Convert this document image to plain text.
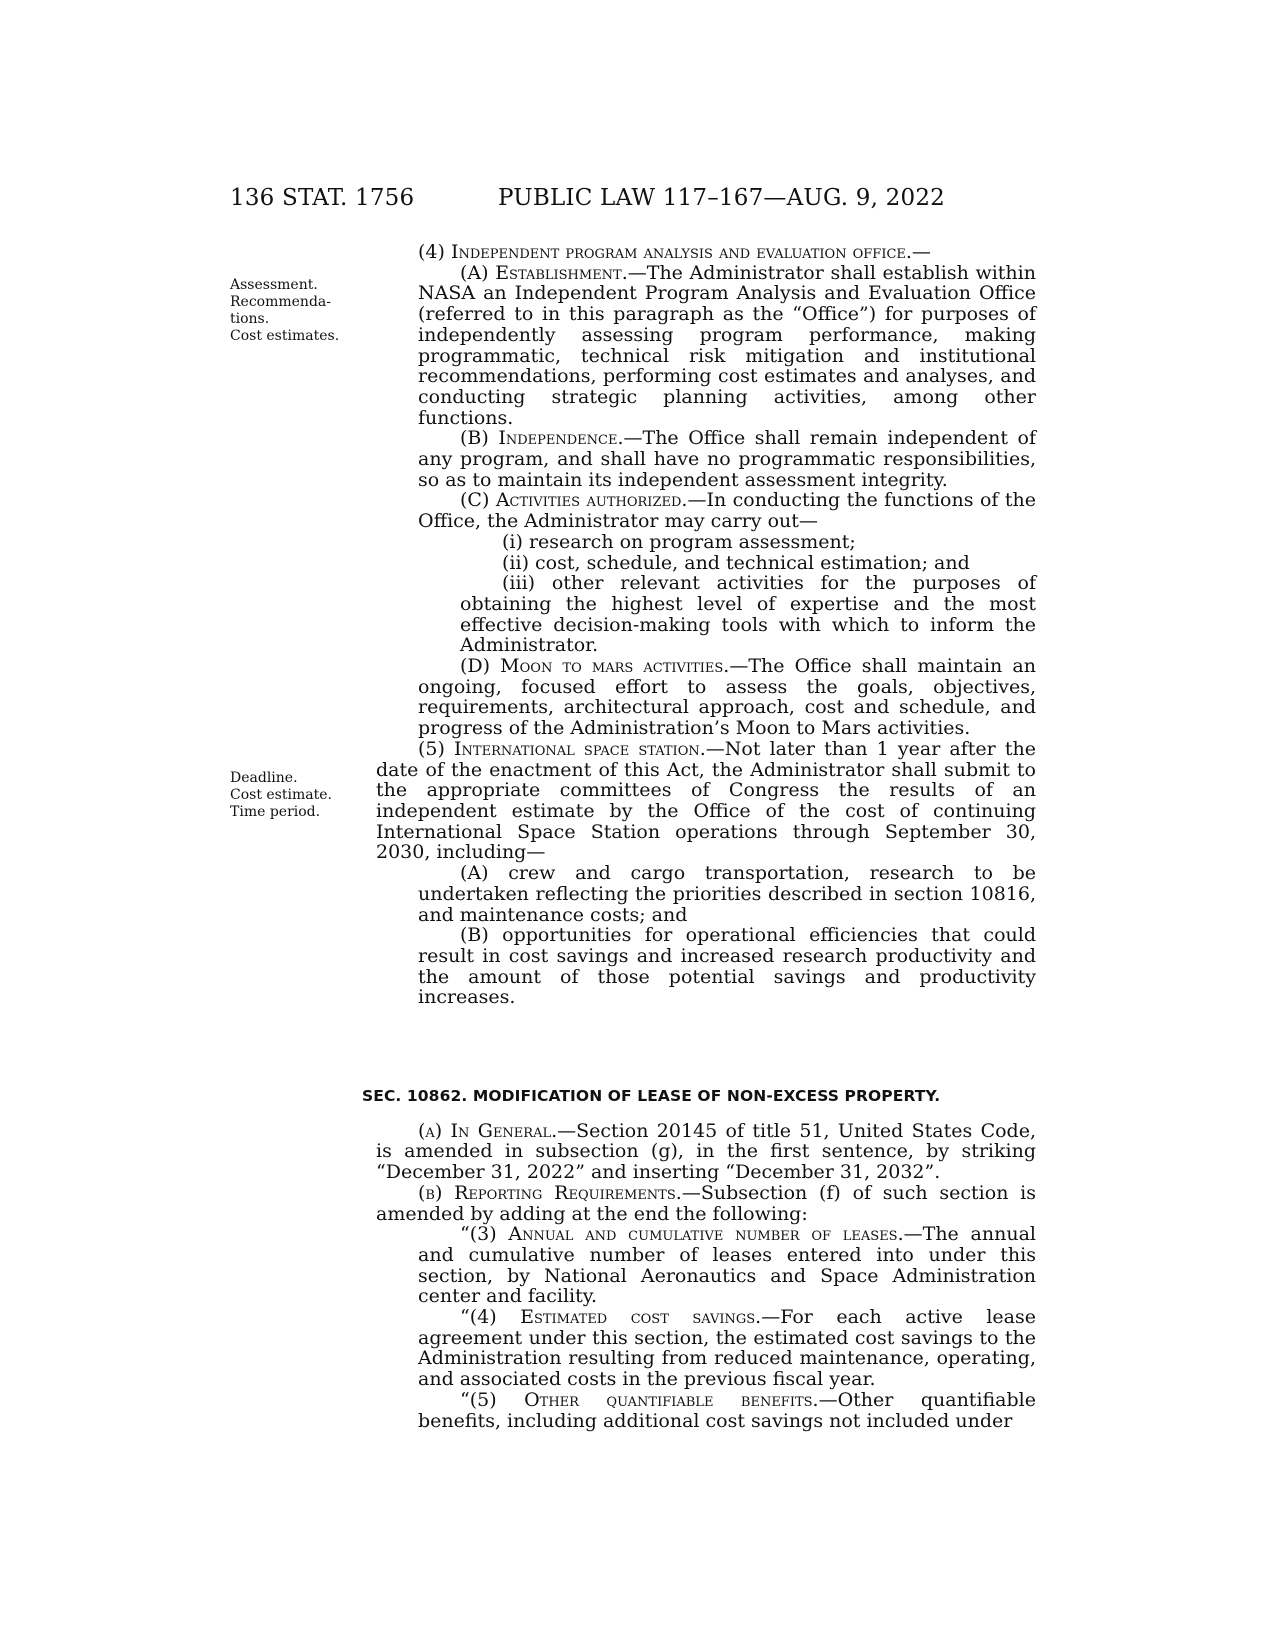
136 STAT. 1756	PUBLIC LAW 117–167—AUG. 9, 2022
Assessment.
Recommenda-
tions.
Cost estimates.
Deadline.
Cost estimate.
Time period.

(4) Independent program analysis and evaluation office.—

(A) Establishment.—The Administrator shall establish within NASA an Independent Program Analysis and Evaluation Office (referred to in this paragraph as the “Office”) for purposes of independently assessing program performance, making programmatic, technical risk mitigation and institutional recommendations, performing cost estimates and analyses, and conducting strategic planning activities, among other functions.

(B) Independence.—The Office shall remain independent of any program, and shall have no programmatic responsibilities, so as to maintain its independent assessment integrity.

(C) Activities authorized.—In conducting the functions of the Office, the Administrator may carry out—

(i) research on program assessment;

(ii) cost, schedule, and technical estimation; and

(iii) other relevant activities for the purposes of obtaining the highest level of expertise and the most effective decision-making tools with which to inform the Administrator.

(D) Moon to mars activities.—The Office shall maintain an ongoing, focused effort to assess the goals, objectives, requirements, architectural approach, cost and schedule, and progress of the Administration’s Moon to Mars activities.

(5) International space station.—Not later than 1 year after the date of the enactment of this Act, the Administrator shall submit to the appropriate committees of Congress the results of an independent estimate by the Office of the cost of continuing International Space Station operations through September 30, 2030, including—

(A) crew and cargo transportation, research to be undertaken reflecting the priorities described in section 10816, and maintenance costs; and

(B) opportunities for operational efficiencies that could result in cost savings and increased research productivity and the amount of those potential savings and productivity increases.

SEC. 10862. MODIFICATION OF LEASE OF NON-EXCESS PROPERTY.

(a) In General.—Section 20145 of title 51, United States Code, is amended in subsection (g), in the first sentence, by striking “December 31, 2022” and inserting “December 31, 2032”.

(b) Reporting Requirements.—Subsection (f) of such section is amended by adding at the end the following:

“(3) Annual and cumulative number of leases.—The annual and cumulative number of leases entered into under this section, by National Aeronautics and Space Administration center and facility.

“(4) Estimated cost savings.—For each active lease agreement under this section, the estimated cost savings to the Administration resulting from reduced maintenance, operating, and associated costs in the previous fiscal year.

“(5) Other quantifiable benefits.—Other quantifiable benefits, including additional cost savings not included under
